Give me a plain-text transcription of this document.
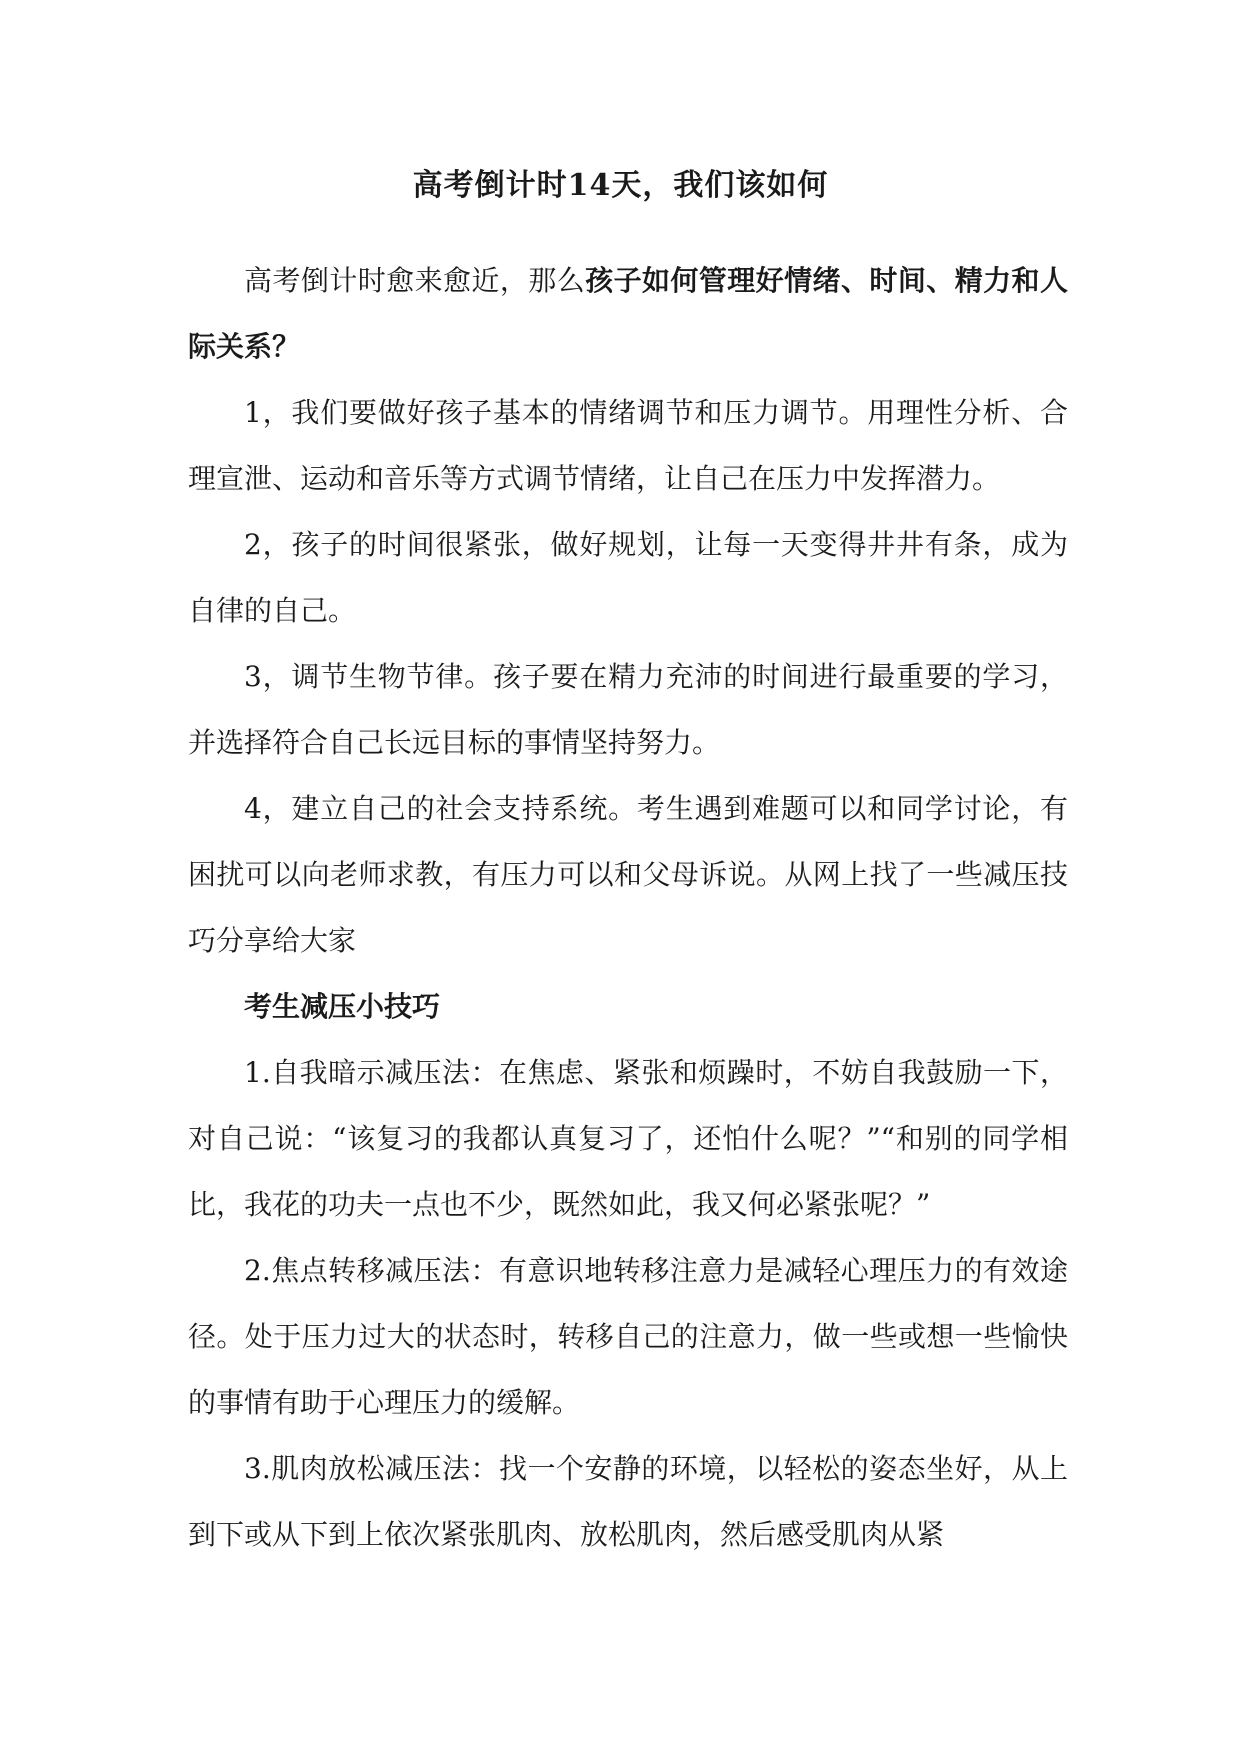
高考倒计时14天，我们该如何

高考倒计时愈来愈近，那么孩子如何管理好情绪、时间、精力和人际关系？

1，我们要做好孩子基本的情绪调节和压力调节。用理性分析、合理宣泄、运动和音乐等方式调节情绪，让自己在压力中发挥潜力。

2，孩子的时间很紧张，做好规划，让每一天变得井井有条，成为自律的自己。

3，调节生物节律。孩子要在精力充沛的时间进行最重要的学习，并选择符合自己长远目标的事情坚持努力。

4，建立自己的社会支持系统。考生遇到难题可以和同学讨论，有困扰可以向老师求教，有压力可以和父母诉说。从网上找了一些减压技巧分享给大家

考生减压小技巧

1.自我暗示减压法：在焦虑、紧张和烦躁时，不妨自我鼓励一下，对自己说：“该复习的我都认真复习了，还怕什么呢？”“和别的同学相比，我花的功夫一点也不少，既然如此，我又何必紧张呢？”

2.焦点转移减压法：有意识地转移注意力是减轻心理压力的有效途径。处于压力过大的状态时，转移自己的注意力，做一些或想一些愉快的事情有助于心理压力的缓解。

3.肌肉放松减压法：找一个安静的环境，以轻松的姿态坐好，从上到下或从下到上依次紧张肌肉、放松肌肉，然后感受肌肉从紧
